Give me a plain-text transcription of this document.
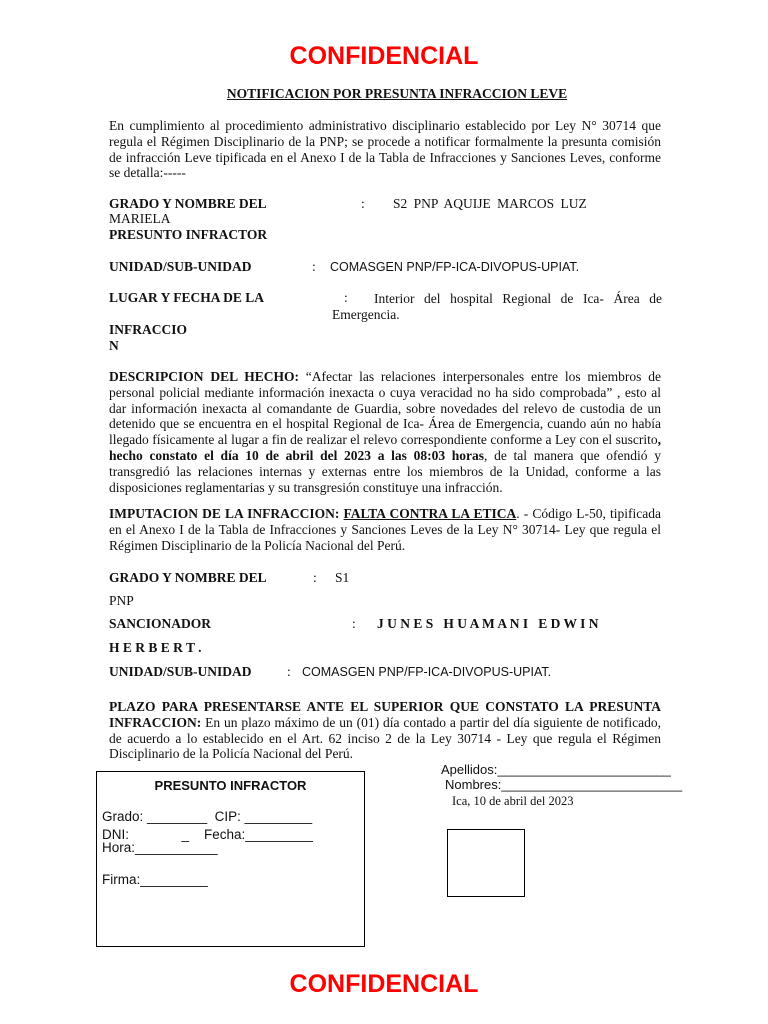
CONFIDENCIAL
NOTIFICACION POR PRESUNTA INFRACCION LEVE
En cumplimiento al procedimiento administrativo disciplinario establecido por Ley N° 30714 que regula el Régimen Disciplinario de la PNP; se procede a notificar formalmente la presunta comisión de infracción Leve tipificada en el Anexo I de la Tabla de Infracciones y Sanciones Leves, conforme se detalla:-----
GRADO Y NOMBRE DEL	: S2 PNP AQUIJE MARCOS LUZ
MARIELA
PRESUNTO INFRACTOR
UNIDAD/SUB-UNIDAD	: COMASGEN PNP/FP-ICA-DIVOPUS-UPIAT.
LUGAR Y FECHA DE LA	: Interior del hospital Regional de Ica- Área de
Emergencia.
INFRACCIO
N
DESCRIPCION DEL HECHO: “Afectar las relaciones interpersonales entre los miembros de personal policial mediante información inexacta o cuya veracidad no ha sido comprobada” , esto al dar información inexacta al comandante de Guardia, sobre novedades del relevo de custodia de un detenido que se encuentra en el hospital Regional de Ica- Área de Emergencia, cuando aún no había llegado físicamente al lugar a fin de realizar el relevo correspondiente conforme a Ley con el suscrito, hecho constato el día 10 de abril del 2023 a las 08:03 horas, de tal manera que ofendió y transgredió las relaciones internas y externas entre los miembros de la Unidad, conforme a las disposiciones reglamentarias y su transgresión constituye una infracción.
IMPUTACION DE LA INFRACCION: FALTA CONTRA LA ETICA. - Código L-50, tipificada en el Anexo I de la Tabla de Infracciones y Sanciones Leves de la Ley N° 30714- Ley que regula el Régimen Disciplinario de la Policía Nacional del Perú.
GRADO Y NOMBRE DEL	: S1
PNP
SANCIONADOR	: J U N E S   H U A M A N I   E D W I N
H E R B E R T .
UNIDAD/SUB-UNIDAD	: COMASGEN PNP/FP-ICA-DIVOPUS-UPIAT.
PLAZO PARA PRESENTARSE ANTE EL SUPERIOR QUE CONSTATO LA PRESUNTA INFRACCION: En un plazo máximo de un (01) día contado a partir del día siguiente de notificado, de acuerdo a lo establecido en el Art. 62 inciso 2 de la Ley 30714 - Ley que regula el Régimen Disciplinario de la Policía Nacional del Perú.
PRESUNTO INFRACTOR
Grado: ________  CIP: _________
DNI:              _    Fecha:_________
Hora:___________
Firma:_________
Apellidos:________________________
Nombres:_________________________
Ica, 10 de abril del 2023
CONFIDENCIAL
